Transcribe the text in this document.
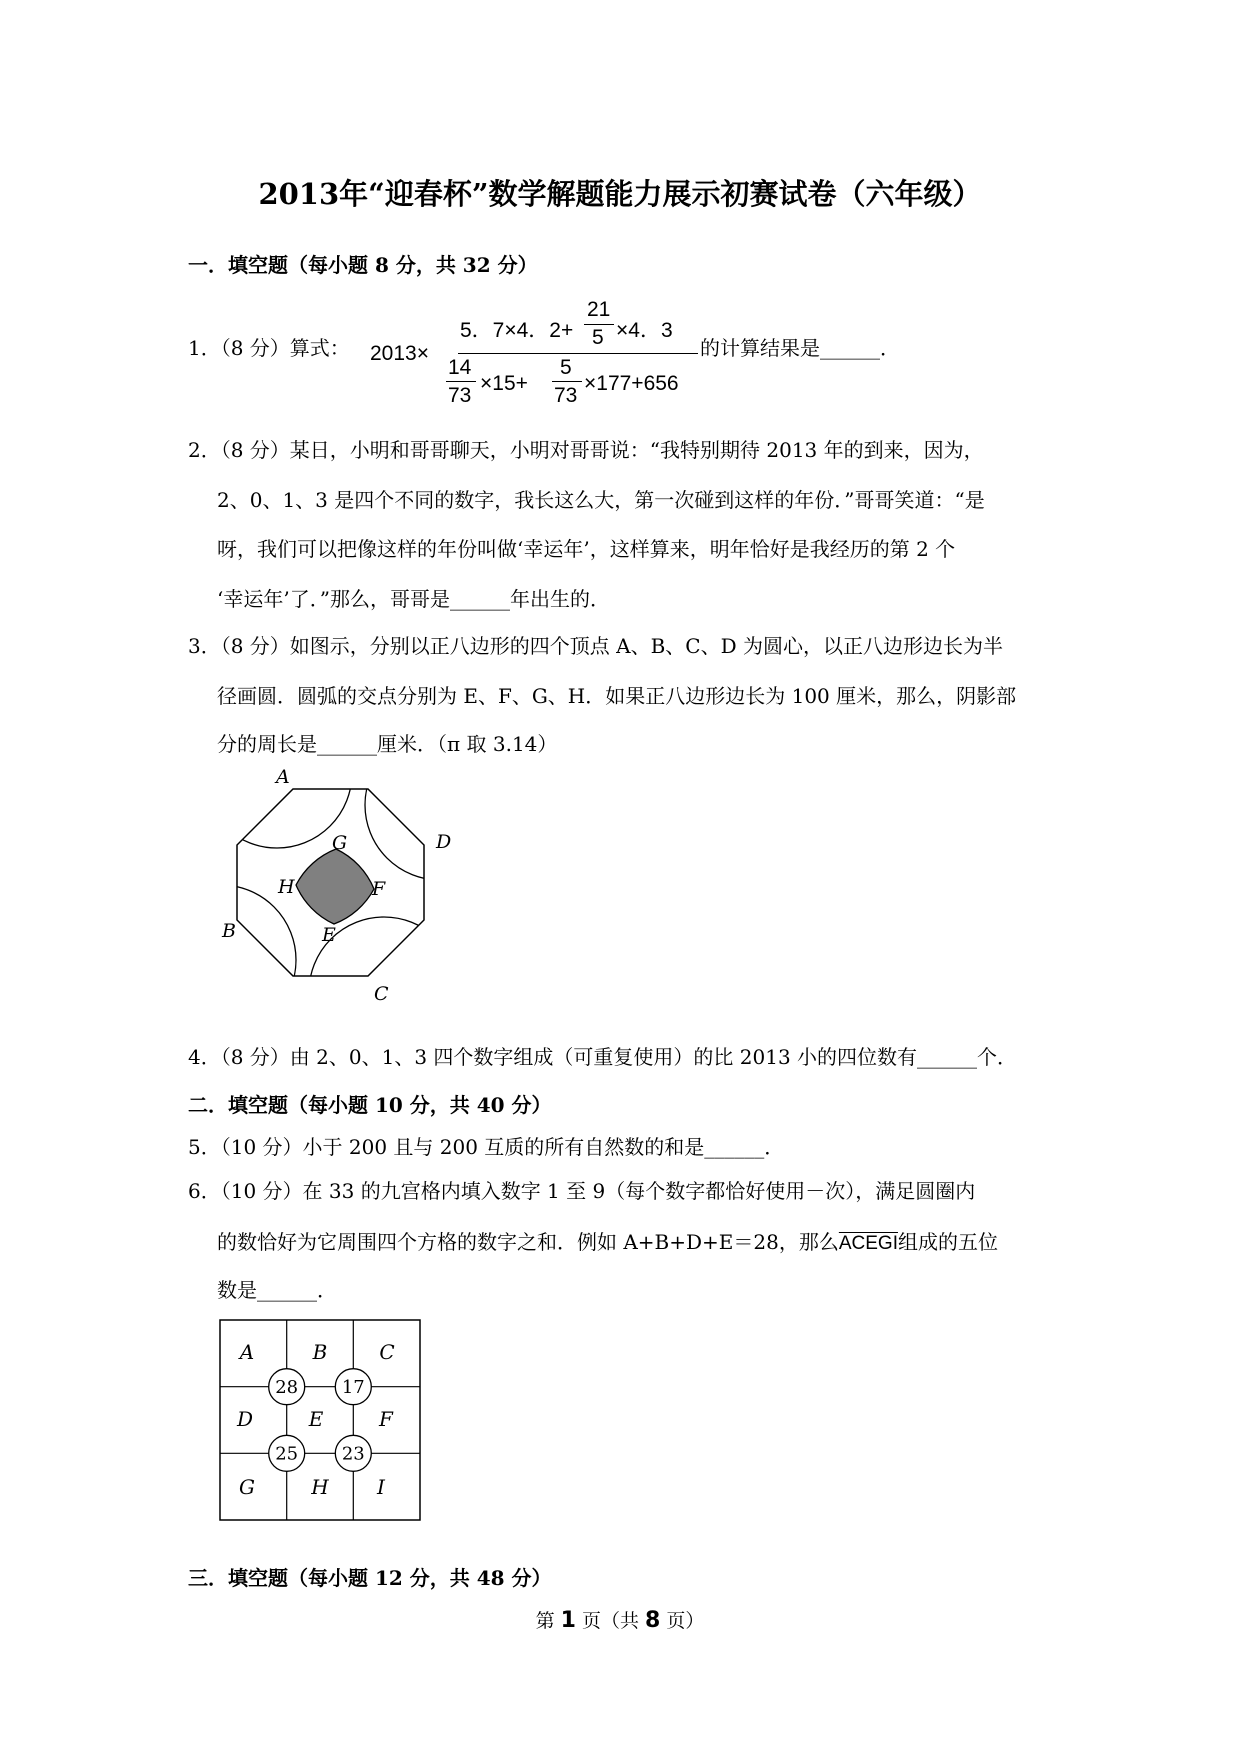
2013年“迎春杯”数学解题能力展示初赛试卷（六年级）
一．填空题（每小题 8 分，共 32 分）
1．（8 分）算式： 2013×
5．7×4．2+
21
5 ×4．3
14
73
×15+
5
73
×177+656
的计算结果是______．
2．（8 分）某日，小明和哥哥聊天，小明对哥哥说：“我特别期待 2013 年的到来，因为，
2、0、1、3 是四个不同的数字，我长这么大，第一次碰到这样的年份．”哥哥笑道：“是
呀，我们可以把像这样的年份叫做‘幸运年’，这样算来，明年恰好是我经历的第 2 个
‘幸运年’了．”那么，哥哥是______年出生的．
3．（8 分）如图示，分别以正八边形的四个顶点 A、B、C、D 为圆心，以正八边形边长为半
径画圆．圆弧的交点分别为 E、F、G、H．如果正八边形边长为 100 厘米，那么，阴影部
分的周长是______厘米．（π 取 3.14）
A
B
C
D
E
F
G
H
4．（8 分）由 2、0、1、3 四个数字组成（可重复使用）的比 2013 小的四位数有______个．
二．填空题（每小题 10 分，共 40 分）
5．（10 分）小于 200 且与 200 互质的所有自然数的和是______．
6．（10 分）在 33 的九宫格内填入数字 1 至 9（每个数字都恰好使用－次），满足圆圈内
的数恰好为它周围四个方格的数字之和．例如 A+B+D+E＝28，那么ACEGI组成的五位
数是______．
A	B	C
D	E	F
G	H I
28 17
25 23
三．填空题（每小题 12 分，共 48 分）
第 1 页（共 8 页）
